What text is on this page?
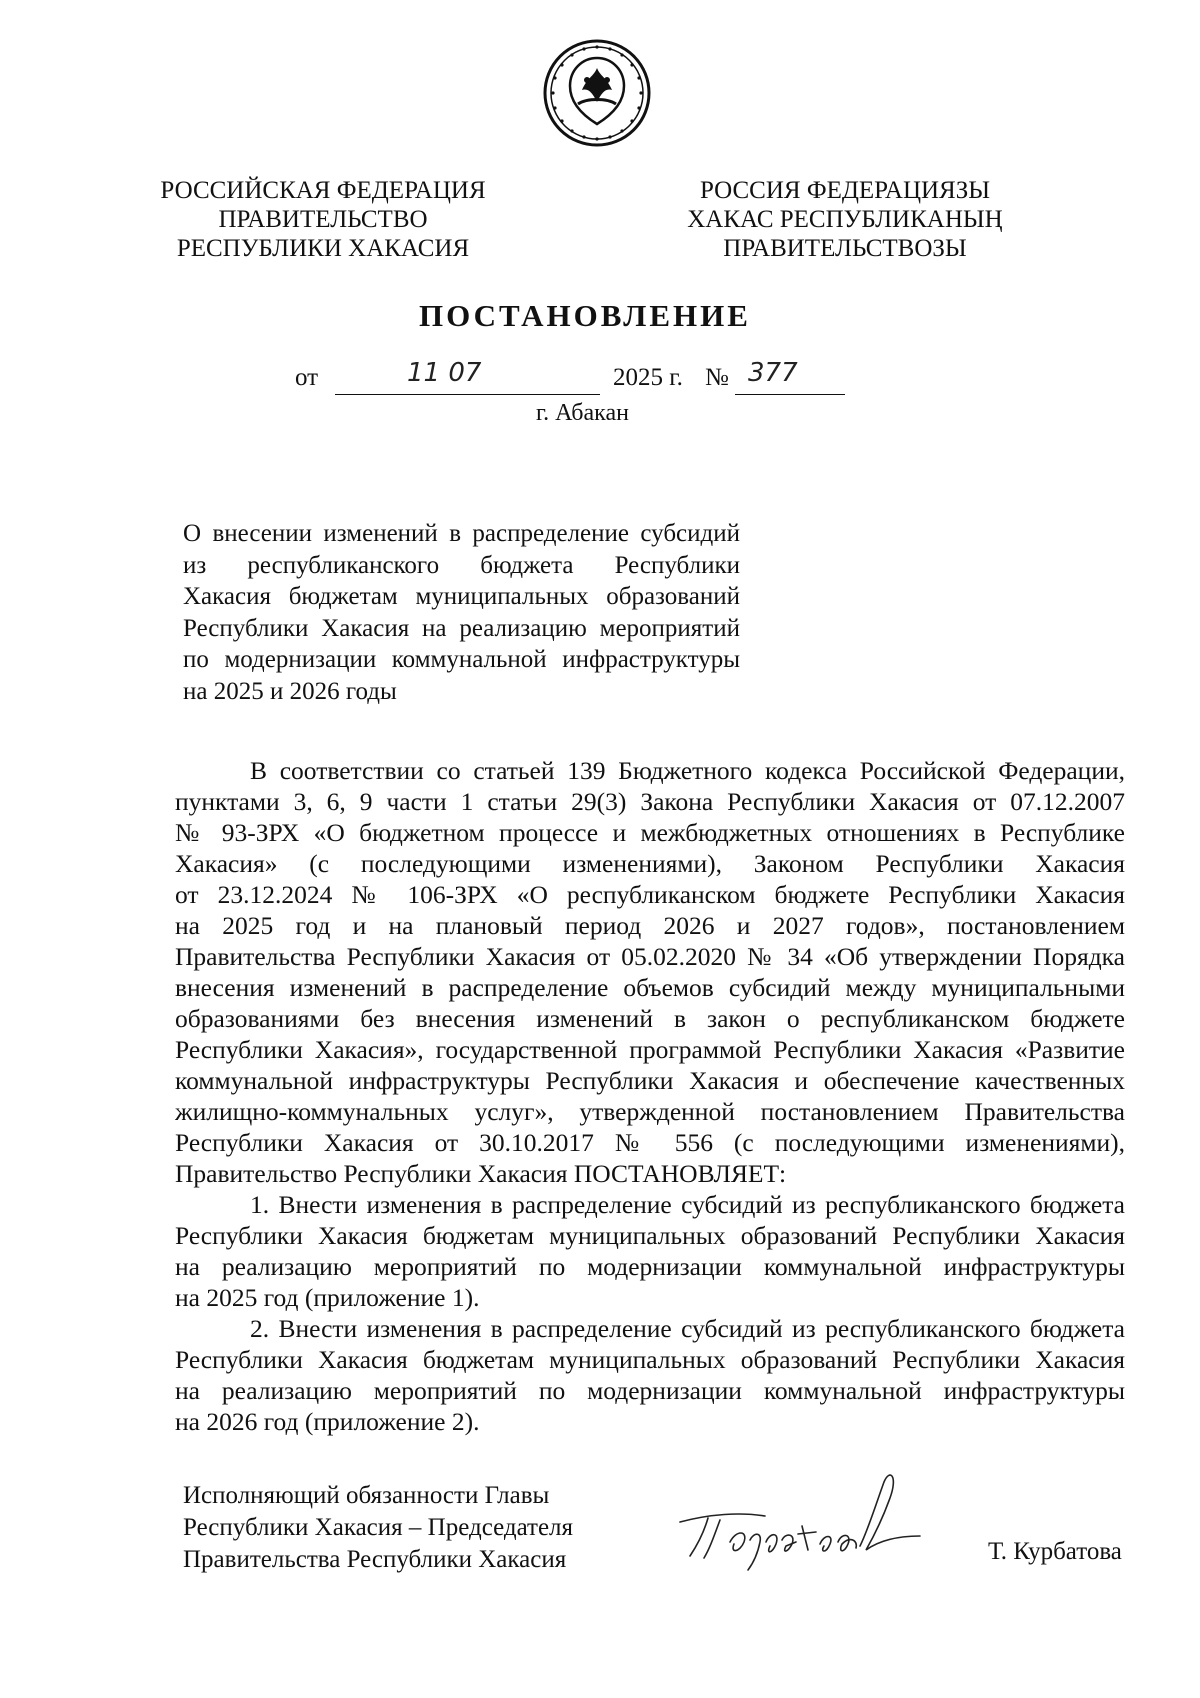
РОССИЙСКАЯ ФЕДЕРАЦИЯ
ПРАВИТЕЛЬСТВО
РЕСПУБЛИКИ ХАКАСИЯ
РОССИЯ ФЕДЕРАЦИЯЗЫ
ХАКАС РЕСПУБЛИКАНЫҢ
ПРАВИТЕЛЬСТВОЗЫ
ПОСТАНОВЛЕНИЕ
от	11 07	2025 г. № 377
г. Абакан
О внесении изменений в распределение субсидий
из республиканского бюджета Республики
Хакасия бюджетам муниципальных образований
Республики Хакасия на реализацию мероприятий
по модернизации коммунальной инфраструктуры
на 2025 и 2026 годы
В соответствии со статьей 139 Бюджетного кодекса Российской Федерации,
пунктами 3, 6, 9 части 1 статьи 29(3) Закона Республики Хакасия от 07.12.2007
№ 93-ЗРХ «О бюджетном процессе и межбюджетных отношениях в Республике
Хакасия» (с последующими изменениями), Законом Республики Хакасия
от 23.12.2024 № 106-ЗРХ «О республиканском бюджете Республики Хакасия
на 2025 год и на плановый период 2026 и 2027 годов», постановлением
Правительства Республики Хакасия от 05.02.2020 № 34 «Об утверждении Порядка
внесения изменений в распределение объемов субсидий между муниципальными
образованиями без внесения изменений в закон о республиканском бюджете
Республики Хакасия», государственной программой Республики Хакасия «Развитие
коммунальной инфраструктуры Республики Хакасия и обеспечение качественных
жилищно-коммунальных услуг», утвержденной постановлением Правительства
Республики Хакасия от 30.10.2017 № 556 (с последующими изменениями),
Правительство Республики Хакасия ПОСТАНОВЛЯЕТ:
1. Внести изменения в распределение субсидий из республиканского бюджета
Республики Хакасия бюджетам муниципальных образований Республики Хакасия
на реализацию мероприятий по модернизации коммунальной инфраструктуры
на 2025 год (приложение 1).
2. Внести изменения в распределение субсидий из республиканского бюджета
Республики Хакасия бюджетам муниципальных образований Республики Хакасия
на реализацию мероприятий по модернизации коммунальной инфраструктуры
на 2026 год (приложение 2).
Исполняющий обязанности Главы
Республики Хакасия – Председателя
Правительства Республики Хакасия	Т. Курбатова
